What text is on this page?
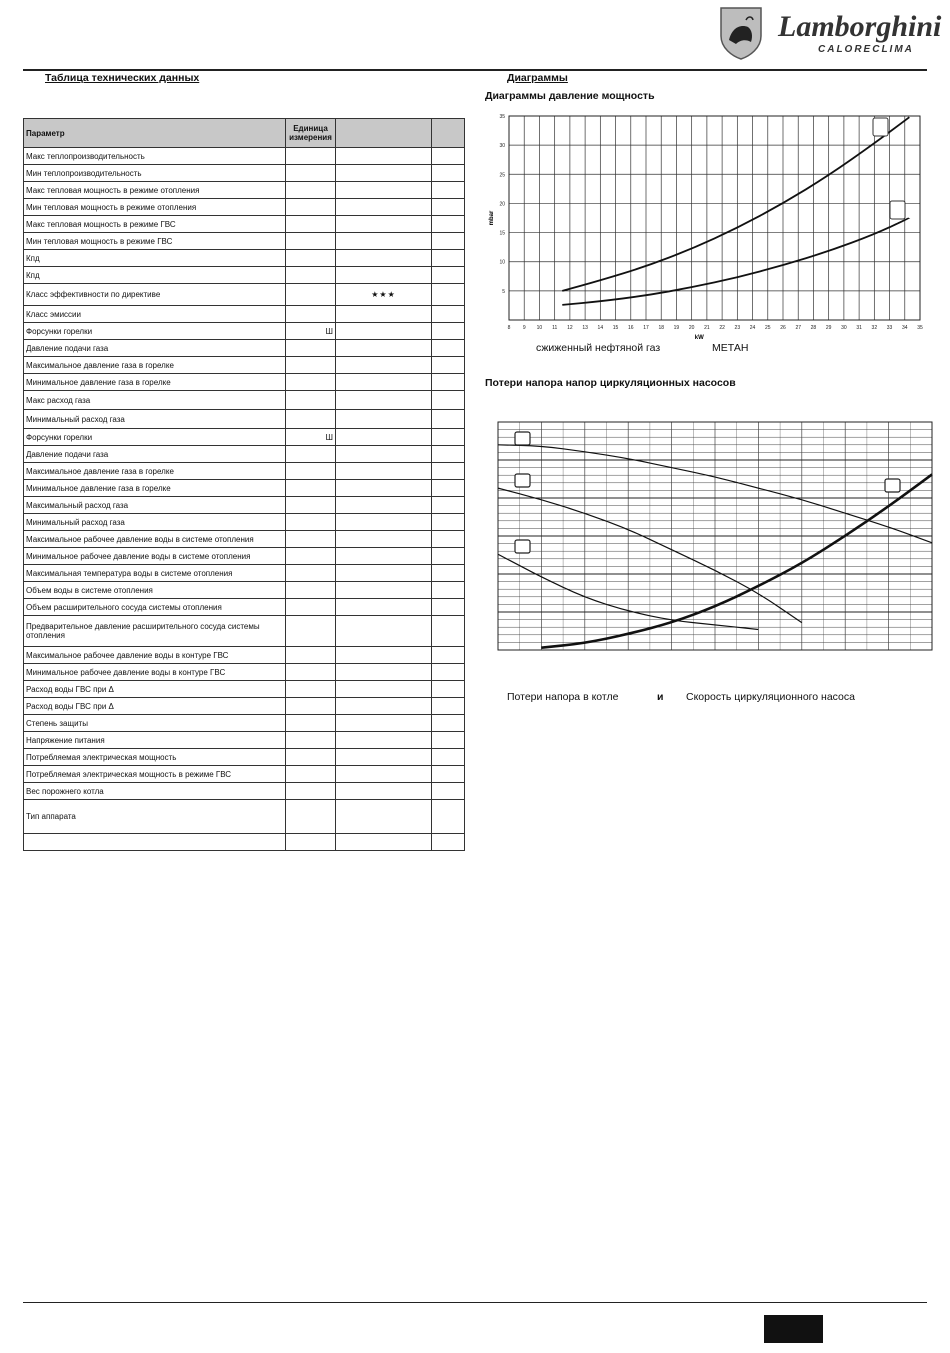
Lamborghini
CALORECLIMA
Таблица технических данных
Параметр	Единица измерения		
Макс теплопроизводительность			
Мин теплопроизводительность			
Макс тепловая мощность в режиме отопления			
Мин тепловая мощность в режиме отопления			
Макс тепловая мощность в режиме ГВС			
Мин тепловая мощность в режиме ГВС			
Кпд			
Кпд			
Класс эффективности по директиве		★★★	
Класс эмиссии			
Форсунки горелки	Ш		
Давление подачи газа			
Максимальное давление газа в горелке			
Минимальное давление газа в горелке			
Макс расход газа			
Минимальный расход газа			
Форсунки горелки	Ш		
Давление подачи газа			
Максимальное давление газа в горелке			
Минимальное давление газа в горелке			
Максимальный расход газа			
Минимальный расход газа			
Максимальное рабочее давление воды в системе отопления			
Минимальное рабочее давление воды в системе отопления			
Максимальная температура воды в системе отопления			
Объем воды в системе отопления			
Объем расширительного сосуда системы отопления			
Предварительное давление расширительного сосуда системы отопления			
Максимальное рабочее давление воды в контуре ГВС			
Минимальное рабочее давление воды в контуре ГВС			
Расход воды ГВС при Δ			
Расход воды ГВС при Δ			
Степень защиты			
Напряжение питания			
Потребляемая электрическая мощность			
Потребляемая электрическая мощность в режиме ГВС			
Вес порожнего котла			
Тип аппарата			

Диаграммы
Диаграммы давление мощность
8 9 10 11 12 13 14 15 16 17 18 19 20 21 22 23 24 25 26 27 28 29 30 31 32 33 34 35
5
10
15
20
25
30
35
kW
mbar
сжиженный нефтяной газ	МЕТАН
Потери напора напор циркуляционных насосов
Потери напора в котле	и Скорость циркуляционного насоса
